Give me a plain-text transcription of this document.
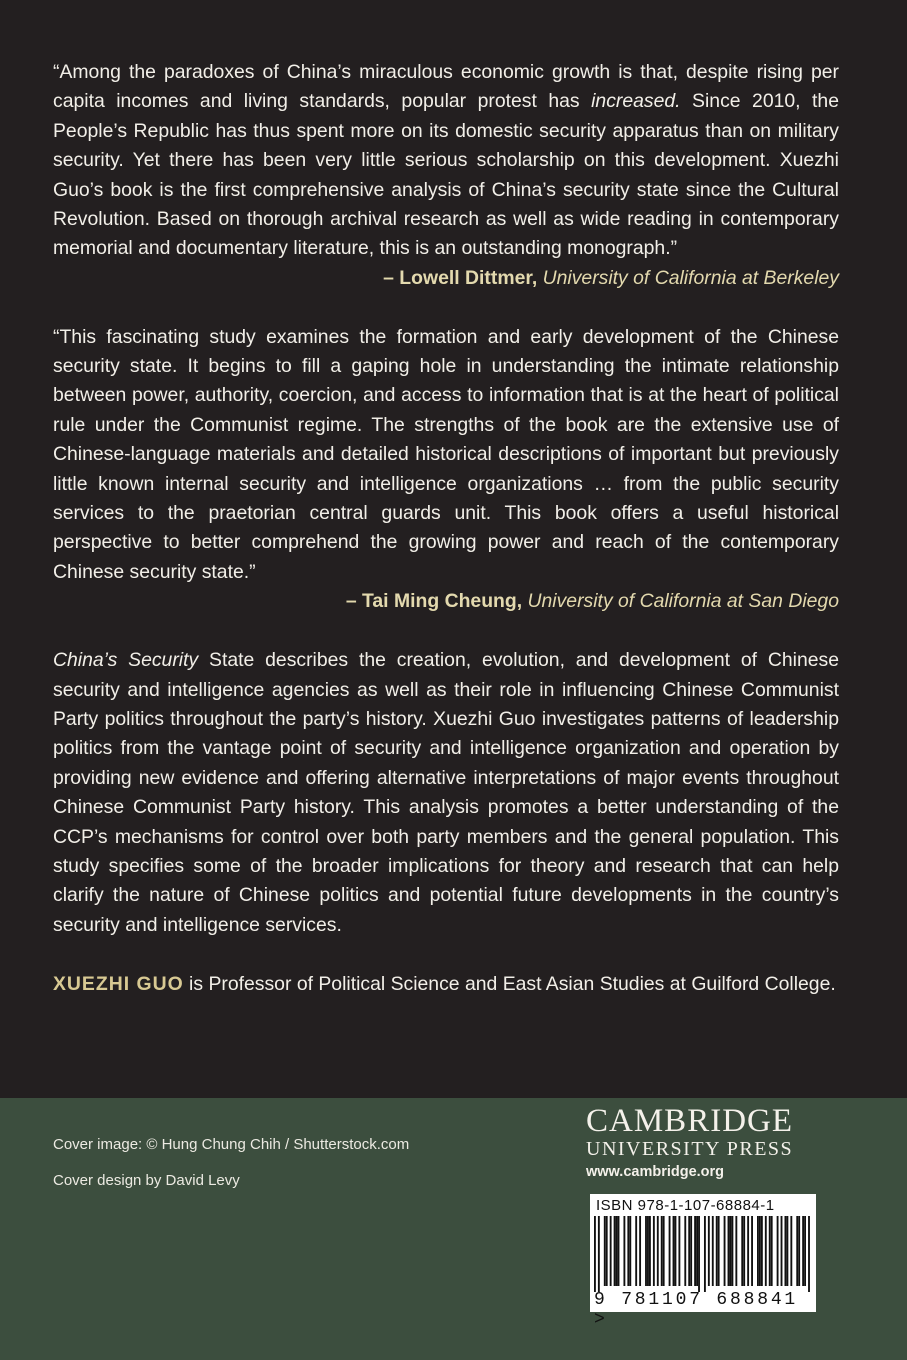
“Among the paradoxes of China’s miraculous economic growth is that, despite rising per capita incomes and living standards, popular protest has increased. Since 2010, the People’s Republic has thus spent more on its domestic security apparatus than on military security. Yet there has been very little serious scholarship on this development. Xuezhi Guo’s book is the first comprehensive analysis of China’s security state since the Cultural Revolution. Based on thorough archival research as well as wide reading in contemporary memorial and documentary literature, this is an outstanding monograph.”

– Lowell Dittmer, University of California at Berkeley

“This fascinating study examines the formation and early development of the Chinese security state. It begins to fill a gaping hole in understanding the intimate relationship between power, authority, coercion, and access to information that is at the heart of political rule under the Communist regime. The strengths of the book are the extensive use of Chinese-language materials and detailed historical descriptions of important but previously little known internal security and intelligence organizations … from the public security services to the praetorian central guards unit. This book offers a useful historical perspective to better comprehend the growing power and reach of the contemporary Chinese security state.”

– Tai Ming Cheung, University of California at San Diego

China’s Security State describes the creation, evolution, and development of Chinese security and intelligence agencies as well as their role in influencing Chinese Communist Party politics throughout the party’s history. Xuezhi Guo investigates patterns of leadership politics from the vantage point of security and intelligence organization and operation by providing new evidence and offering alternative interpretations of major events throughout Chinese Communist Party history. This analysis promotes a better understanding of the CCP’s mechanisms for control over both party members and the general population. This study specifies some of the broader implications for theory and research that can help clarify the nature of Chinese politics and potential future developments in the country’s security and intelligence services.

XUEZHI GUO is Professor of Political Science and East Asian Studies at Guilford College.

Cover image: © Hung Chung Chih / Shutterstock.com
Cover design by David Levy
CAMBRIDGE
UNIVERSITY PRESS
www.cambridge.org
ISBN 978-1-107-68884-1
9 781107 688841 >
